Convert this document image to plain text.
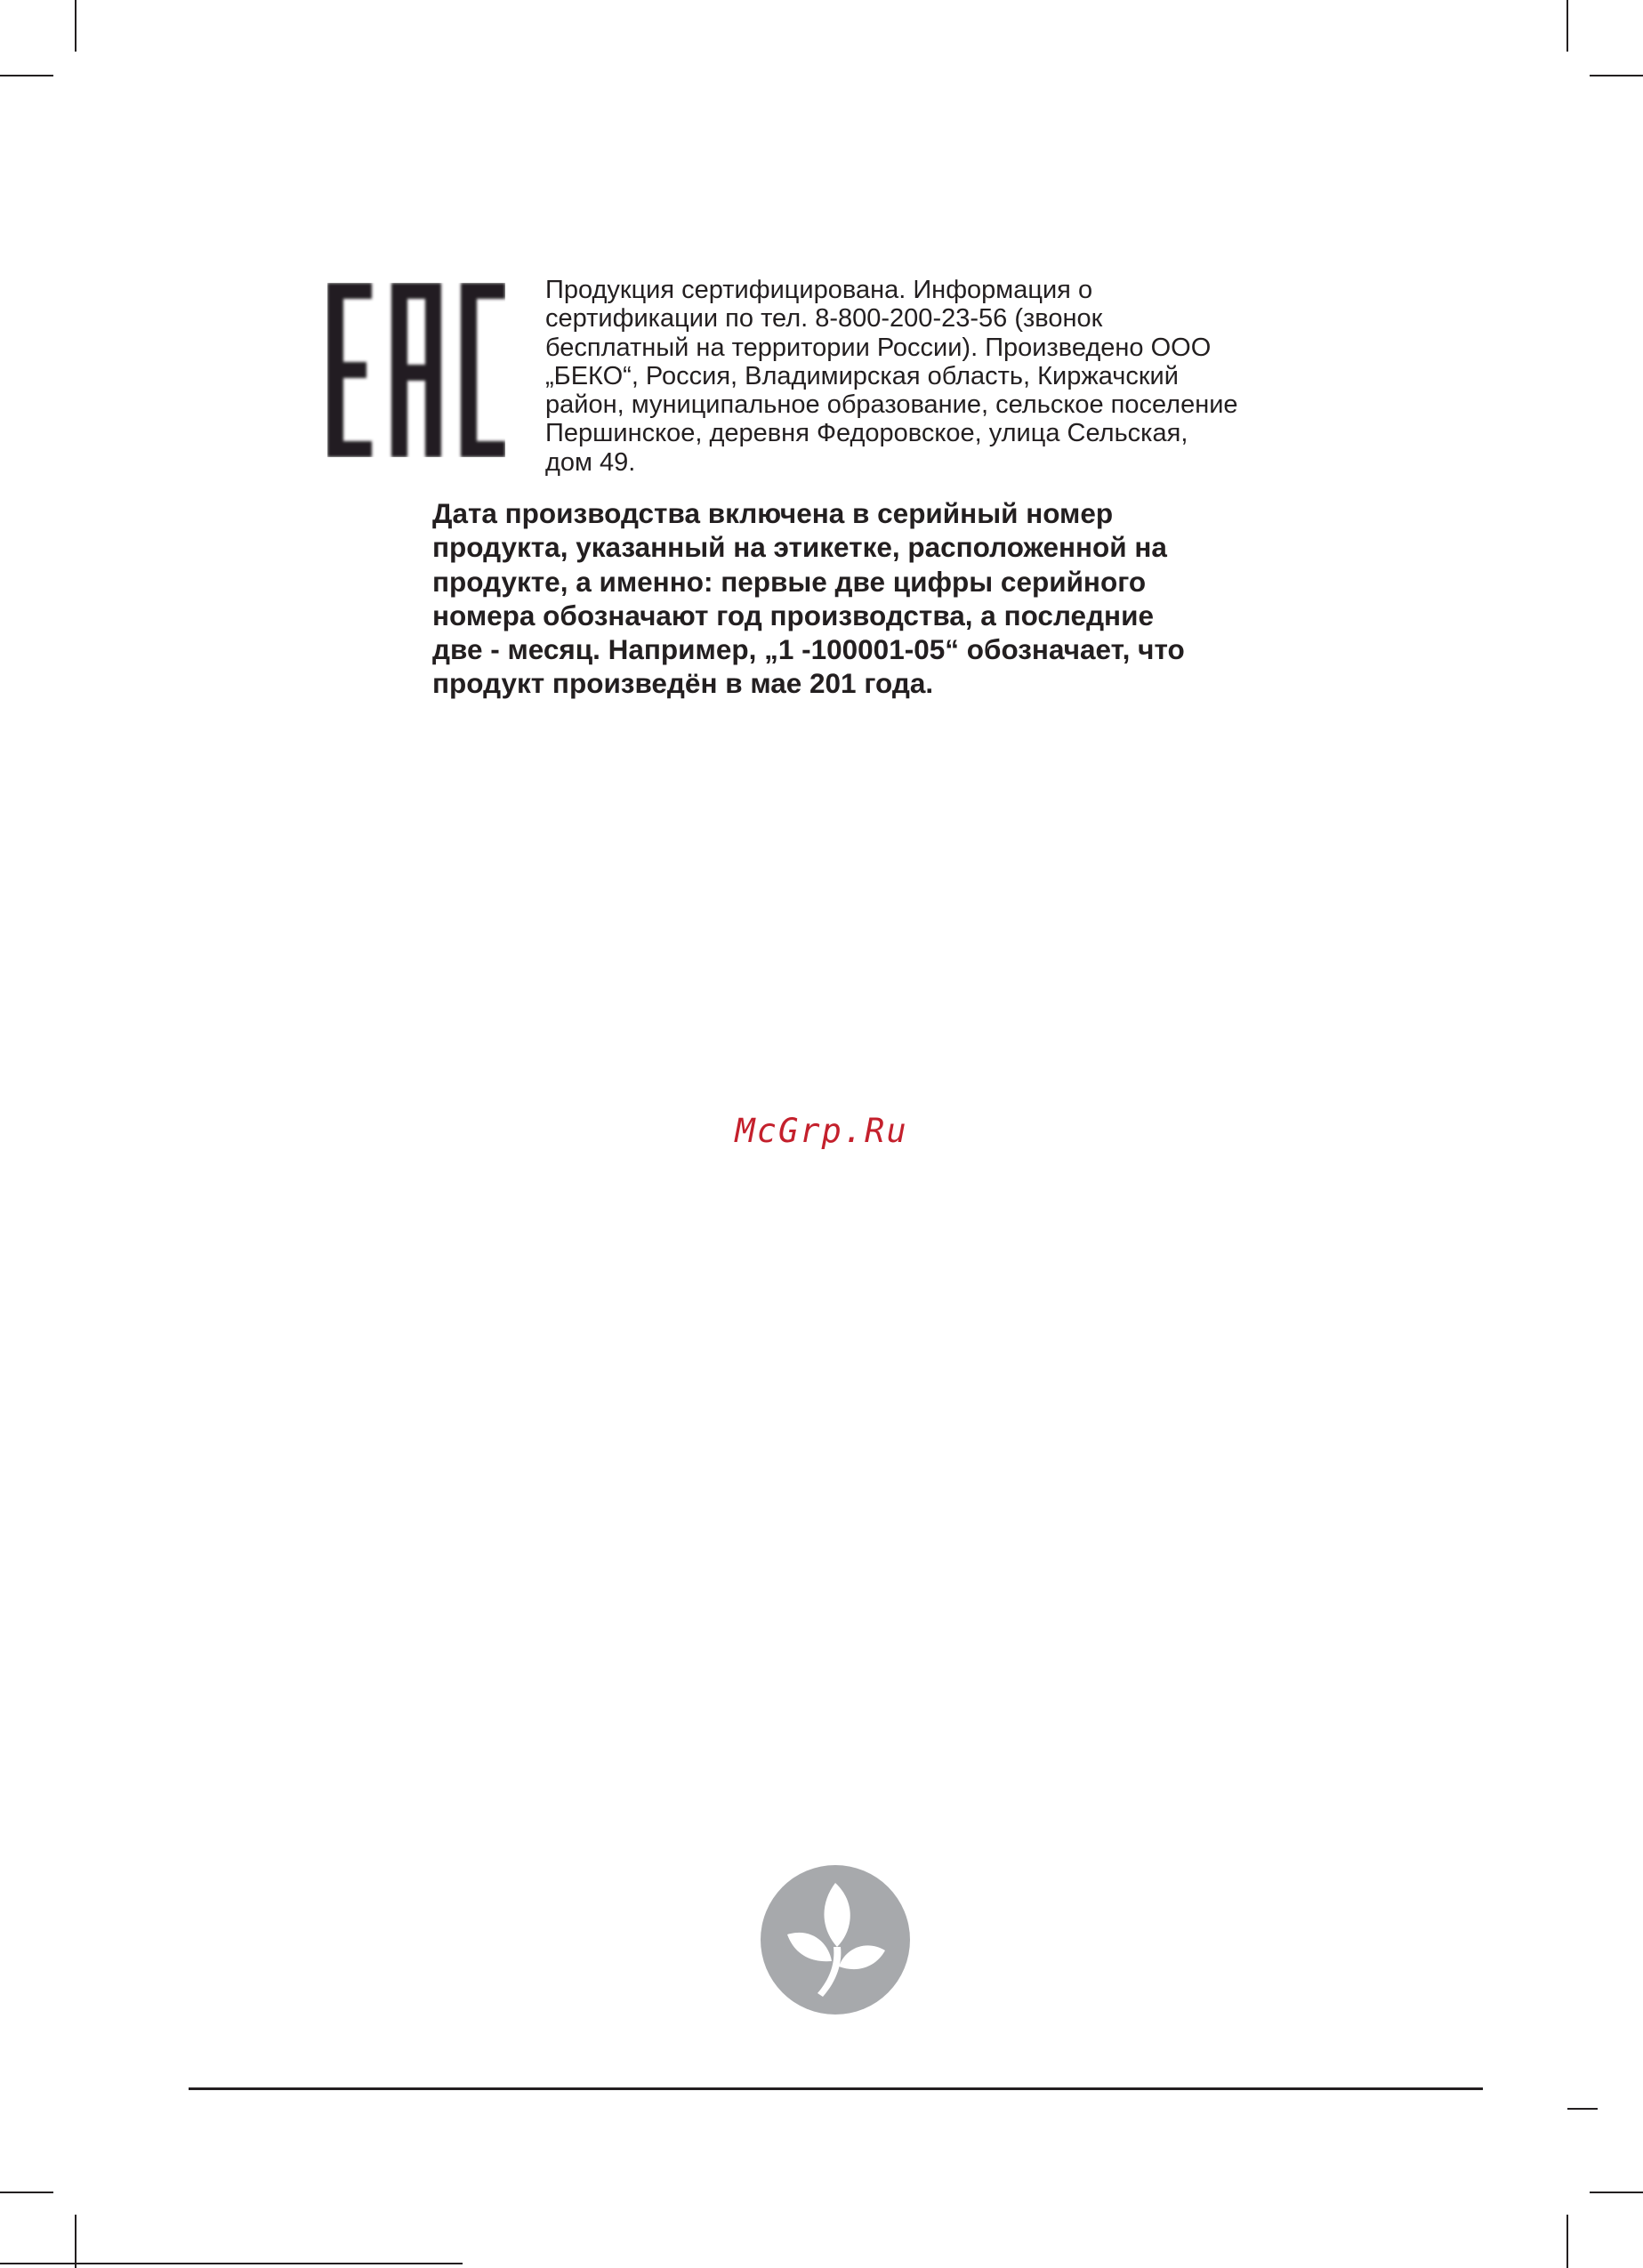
Продукция сертифицирована. Информация о
сертификации по тел. 8-800-200-23-56 (звонок
бесплатный на территории России). Произведено ООО
„БЕКО“, Россия, Владимирская область, Киржачский
район, муниципальное образование, сельское поселение
Першинское, деревня Федоровское, улица Сельская,
дом 49.

Дата производства включена в серийный номер
продукта, указанный на этикетке, расположенной на
продукте, а именно: первые две цифры серийного
номера обозначают год производства, а последние
две - месяц. Например, „1 -100001-05“ обозначает, что
продукт произведён в мае 201 года.

McGrp.Ru
